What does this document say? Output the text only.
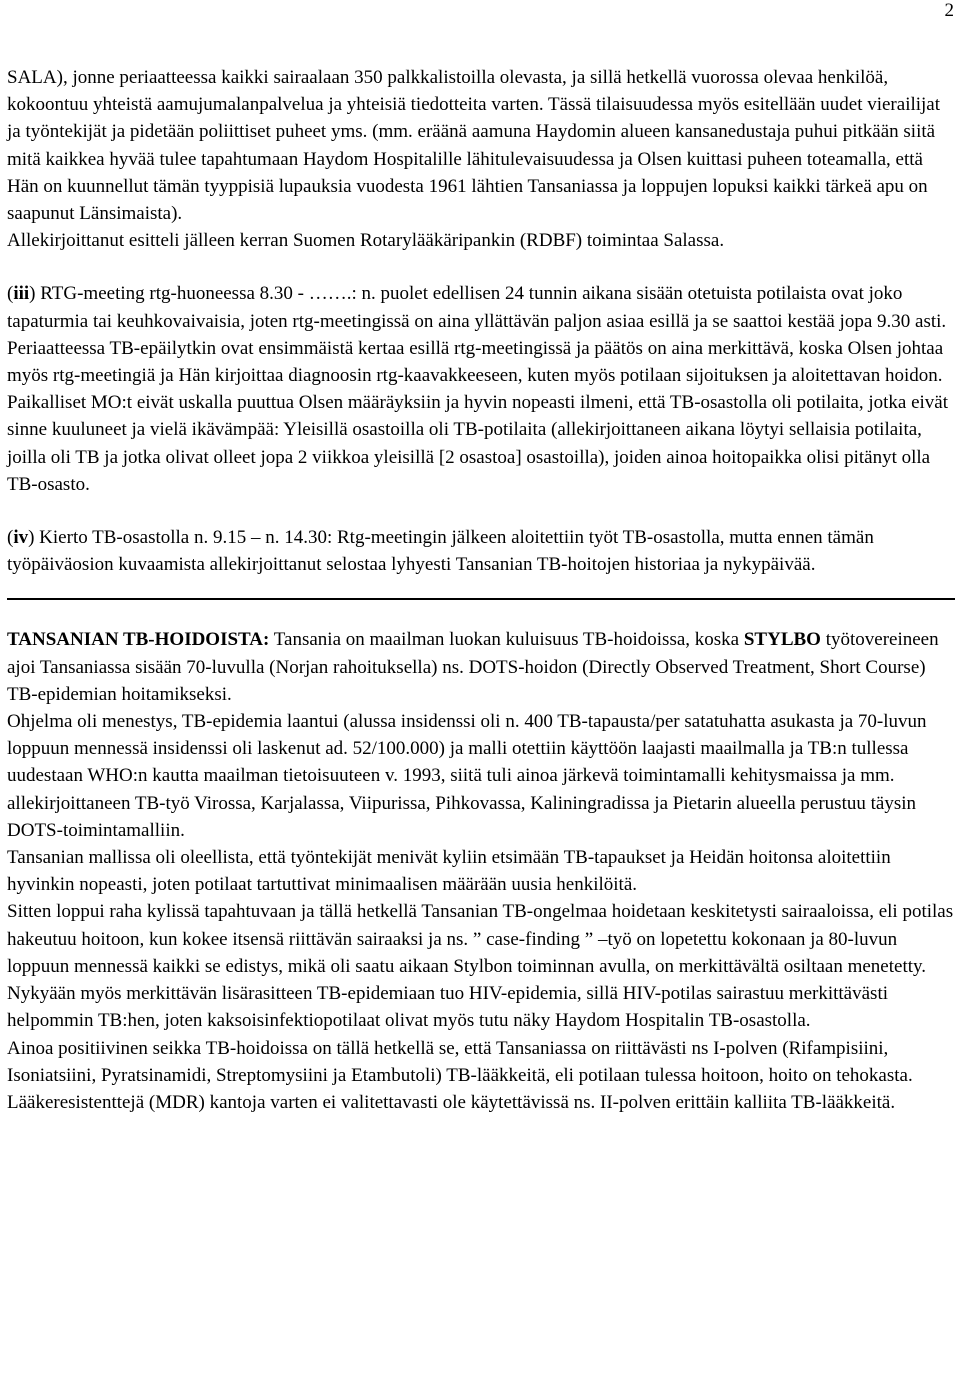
2

SALA), jonne periaatteessa kaikki sairaalaan 350 palkkalistoilla olevasta, ja sillä hetkellä vuorossa olevaa henkilöä, kokoontuu yhteistä aamujumalanpalvelua ja yhteisiä tiedotteita varten. Tässä tilaisuudessa myös esitellään uudet vierailijat ja työntekijät ja pidetään poliittiset puheet yms. (mm. eräänä aamuna Haydomin alueen kansanedustaja puhui pitkään siitä mitä kaikkea hyvää tulee tapahtumaan Haydom Hospitalille lähitulevaisuudessa ja Olsen kuittasi puheen toteamalla, että Hän on kuunnellut tämän tyyppisiä lupauksia vuodesta 1961 lähtien Tansaniassa ja loppujen lopuksi kaikki tärkeä apu on saapunut Länsimaista).

Allekirjoittanut esitteli jälleen kerran Suomen Rotarylääkäripankin (RDBF) toimintaa Salassa.

(iii) RTG-meeting rtg-huoneessa 8.30 - …….: n. puolet edellisen 24 tunnin aikana sisään otetuista potilaista ovat joko tapaturmia tai keuhkovaivaisia, joten rtg-meetingissä on aina yllättävän paljon asiaa esillä ja se saattoi kestää jopa 9.30 asti.

Periaatteessa TB-epäilytkin ovat ensimmäistä kertaa esillä rtg-meetingissä ja päätös on aina merkittävä, koska Olsen johtaa myös rtg-meetingiä ja Hän kirjoittaa diagnoosin rtg-kaavakkeeseen, kuten myös potilaan sijoituksen ja aloitettavan hoidon.

Paikalliset MO:t eivät uskalla puuttua Olsen määräyksiin ja hyvin nopeasti ilmeni, että TB-osastolla oli potilaita, jotka eivät sinne kuuluneet ja vielä ikävämpää: Yleisillä osastoilla oli TB-potilaita (allekirjoittaneen aikana löytyi sellaisia potilaita, joilla oli TB ja jotka olivat olleet jopa 2 viikkoa yleisillä [2 osastoa] osastoilla), joiden ainoa hoitopaikka olisi pitänyt olla TB-osasto.

(iv) Kierto TB-osastolla n. 9.15 – n. 14.30: Rtg-meetingin jälkeen aloitettiin työt TB-osastolla, mutta ennen tämän työpäiväosion kuvaamista allekirjoittanut selostaa lyhyesti Tansanian TB-hoitojen historiaa ja nykypäivää.

TANSANIAN TB-HOIDOISTA: Tansania on maailman luokan kuluisuus TB-hoidoissa, koska STYLBO työtovereineen ajoi Tansaniassa sisään 70-luvulla (Norjan rahoituksella) ns. DOTS-hoidon (Directly Observed Treatment, Short Course) TB-epidemian hoitamikseksi.

Ohjelma oli menestys, TB-epidemia laantui (alussa insidenssi oli n. 400 TB-tapausta/per satatuhatta asukasta ja 70-luvun loppuun mennessä insidenssi oli laskenut ad. 52/100.000) ja malli otettiin käyttöön laajasti maailmalla ja TB:n tullessa uudestaan WHO:n kautta maailman tietoisuuteen v. 1993, siitä tuli ainoa järkevä toimintamalli kehitysmaissa ja mm. allekirjoittaneen TB-työ Virossa, Karjalassa, Viipurissa, Pihkovassa, Kaliningradissa ja Pietarin alueella perustuu täysin DOTS-toimintamalliin.

Tansanian mallissa oli oleellista, että työntekijät menivät kyliin etsimään TB-tapaukset ja Heidän hoitonsa aloitettiin hyvinkin nopeasti, joten potilaat tartuttivat minimaalisen määrään uusia henkilöitä.

Sitten loppui raha kylissä tapahtuvaan ja tällä hetkellä Tansanian TB-ongelmaa hoidetaan keskitetysti sairaaloissa, eli potilas hakeutuu hoitoon, kun kokee itsensä riittävän sairaaksi ja ns. ” case-finding ” –työ on lopetettu kokonaan ja 80-luvun loppuun mennessä kaikki se edistys, mikä oli saatu aikaan Stylbon toiminnan avulla, on merkittävältä osiltaan menetetty.

Nykyään myös merkittävän lisärasitteen TB-epidemiaan tuo HIV-epidemia, sillä HIV-potilas sairastuu merkittävästi helpommin TB:hen, joten kaksoisinfektiopotilaat olivat myös tutu näky Haydom Hospitalin TB-osastolla.

Ainoa positiivinen seikka TB-hoidoissa on tällä hetkellä se, että Tansaniassa on riittävästi ns I-polven (Rifampisiini, Isoniatsiini, Pyratsinamidi, Streptomysiini ja Etambutoli) TB-lääkkeitä, eli potilaan tulessa hoitoon, hoito on tehokasta.

Lääkeresistenttejä (MDR) kantoja varten ei valitettavasti ole käytettävissä ns. II-polven erittäin kalliita TB-lääkkeitä.
